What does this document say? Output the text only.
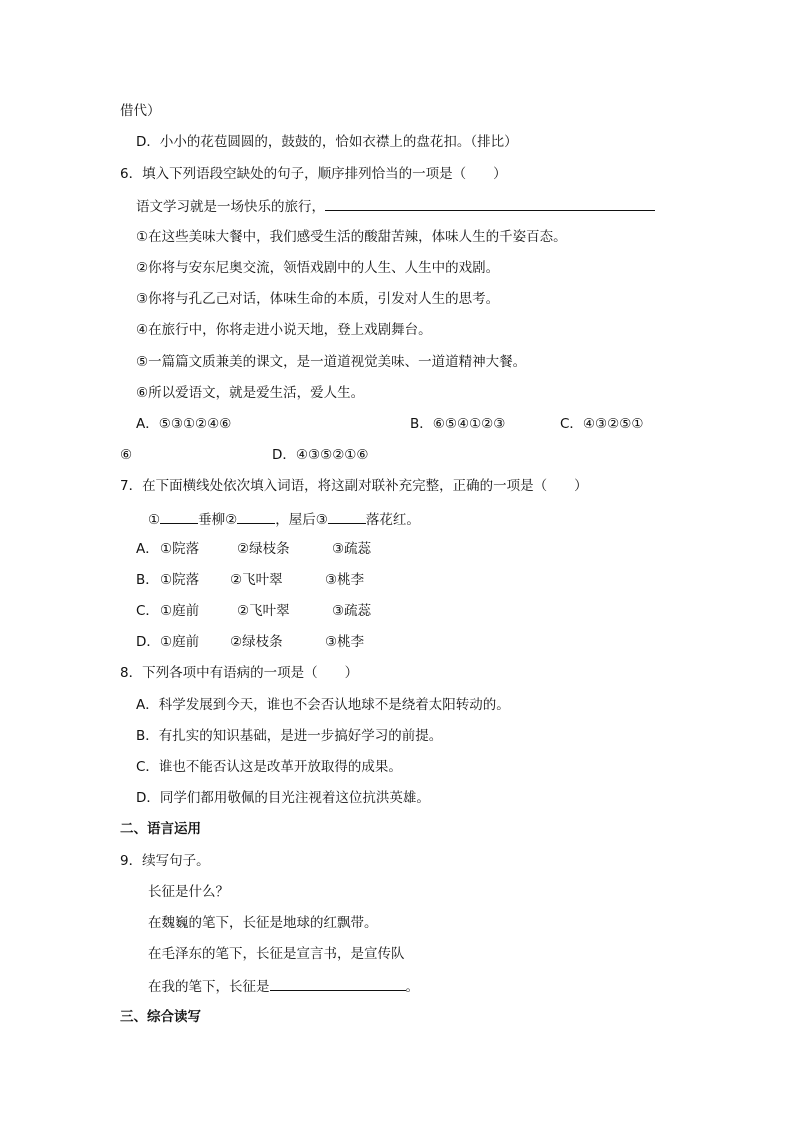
借代）
D．小小的花苞圆圆的，鼓鼓的，恰如衣襟上的盘花扣。（排比）
6．填入下列语段空缺处的句子，顺序排列恰当的一项是（　　）
语文学习就是一场快乐的旅行，
①在这些美味大餐中，我们感受生活的酸甜苦辣，体味人生的千姿百态。
②你将与安东尼奥交流，领悟戏剧中的人生、人生中的戏剧。
③你将与孔乙己对话，体味生命的本质，引发对人生的思考。
④在旅行中，你将走进小说天地，登上戏剧舞台。
⑤一篇篇文质兼美的课文，是一道道视觉美味、一道道精神大餐。
⑥所以爱语文，就是爱生活，爱人生。
A．⑤③①②④⑥	B．⑥⑤④①②③	C．④③②⑤①
⑥	D．④③⑤②①⑥
7．在下面横线处依次填入词语，将这副对联补充完整，正确的一项是（　　）
①	垂柳②	，屋后③	落花红。
A． ①院落	②绿枝条	③疏蕊
B． ①院落 ②飞叶翠	③桃李
C． ①庭前	②飞叶翠	③疏蕊
D． ①庭前 ②绿枝条	③桃李
8．下列各项中有语病的一项是（　　）
A．科学发展到今天，谁也不会否认地球不是绕着太阳转动的。
B．有扎实的知识基础，是进一步搞好学习的前提。
C．谁也不能否认这是改革开放取得的成果。
D．同学们都用敬佩的目光注视着这位抗洪英雄。
二、语言运用
9．续写句子。
长征是什么？
在魏巍的笔下，长征是地球的红飘带。
在毛泽东的笔下，长征是宣言书，是宣传队
在我的笔下，长征是	。
三、综合读写
